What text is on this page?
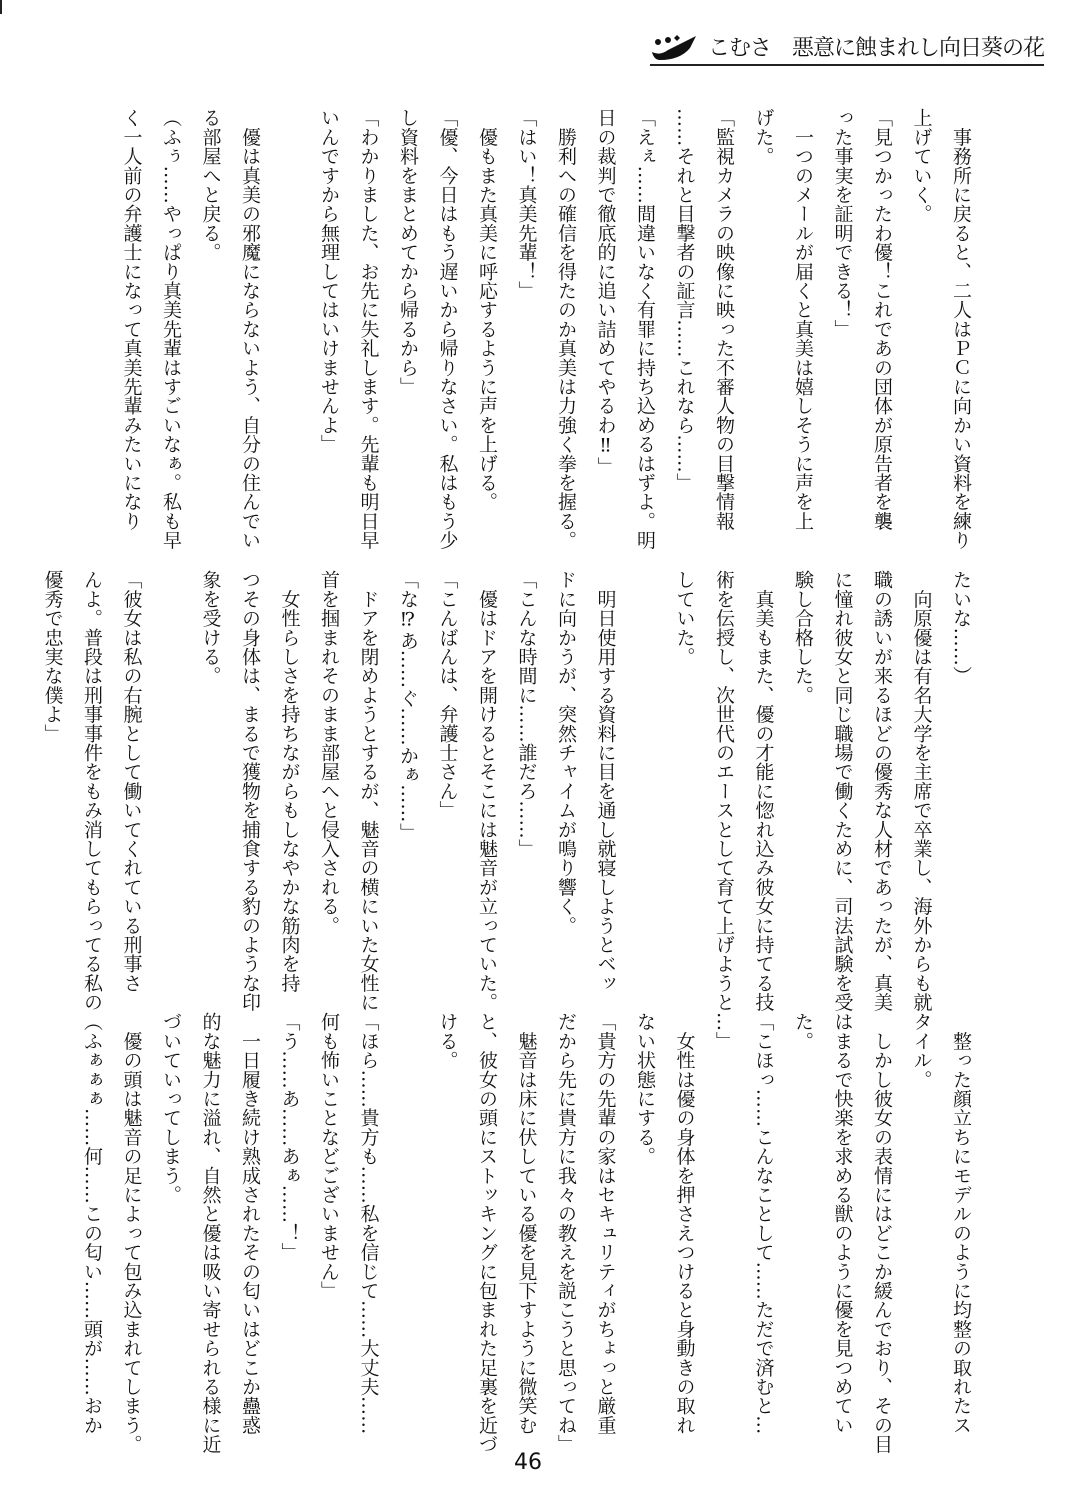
こむさ
　 悪意に蝕まれし向日葵の花
　事務所に戻ると、二人はＰＣに向かい資料を練り
上げていく。
「見つかったわ優！これであの団体が原告者を襲
った事実を証明できる！」
　一つのメールが届くと真美は嬉しそうに声を上
げた。
「監視カメラの映像に映った不審人物の目撃情報
……それと目撃者の証言……これなら……」
「えぇ……間違いなく有罪に持ち込めるはずよ。明
日の裁判で徹底的に追い詰めてやるわ‼」
　勝利への確信を得たのか真美は力強く拳を握る。
「はい！真美先輩！」
　優もまた真美に呼応するように声を上げる。
「優、今日はもう遅いから帰りなさい。私はもう少
し資料をまとめてから帰るから」
「わかりました、お先に失礼します。先輩も明日早
いんですから無理してはいけませんよ」
　優は真美の邪魔にならないよう、自分の住んでい
る部屋へと戻る。
（ふぅ……やっぱり真美先輩はすごいなぁ。私も早
く一人前の弁護士になって真美先輩みたいになり
たいな……）
　向原優は有名大学を主席で卒業し、海外からも就
職の誘いが来るほどの優秀な人材であったが、真美
に憧れ彼女と同じ職場で働くために、司法試験を受
験し合格した。
　真美もまた、優の才能に惚れ込み彼女に持てる技
術を伝授し、次世代のエースとして育て上げようと
していた。
　明日使用する資料に目を通し就寝しようとベッ
ドに向かうが、突然チャイムが鳴り響く。
「こんな時間に……誰だろ……」
　優はドアを開けるとそこには魅音が立っていた。
「こんばんは、弁護士さん」
「な⁉あ……ぐ……かぁ……」
　ドアを閉めようとするが、魅音の横にいた女性に
首を掴まれそのまま部屋へと侵入される。
　女性らしさを持ちながらもしなやかな筋肉を持
つその身体は、まるで獲物を捕食する豹のような印
象を受ける。
「彼女は私の右腕として働いてくれている刑事さ
んよ。普段は刑事事件をもみ消してもらってる私の
優秀で忠実な僕よ」
　整った顔立ちにモデルのように均整の取れたス
タイル。
　しかし彼女の表情にはどこか緩んでおり、その目
はまるで快楽を求める獣のように優を見つめてい
た。
「こほっ……こんなことして……ただで済むと…
…」
　女性は優の身体を押さえつけると身動きの取れ
ない状態にする。
「貴方の先輩の家はセキュリティがちょっと厳重
だから先に貴方に我々の教えを説こうと思ってね」
　魅音は床に伏している優を見下すように微笑む
と、彼女の頭にストッキングに包まれた足裏を近づ
ける。
「ほら……貴方も……私を信じて……大丈夫……
何も怖いことなどございません」
「う……あ……あぁ……！」
　一日履き続け熟成されたその匂いはどこか蠱惑
的な魅力に溢れ、自然と優は吸い寄せられる様に近
づいていってしまう。
　優の頭は魅音の足によって包み込まれてしまう。
（ふぁぁぁ……何……この匂い……頭が……おか
46
